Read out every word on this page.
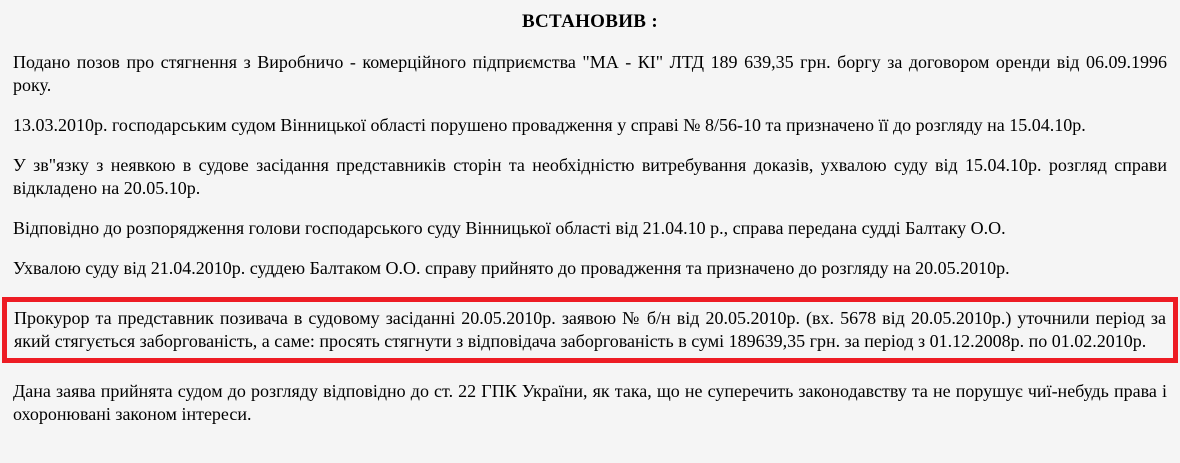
ВСТАНОВИВ :

Подано позов про стягнення з Виробничо - комерційного підприємства "МА - КІ" ЛТД 189 639,35 грн. боргу за договором оренди від 06.09.1996 року.

13.03.2010р. господарським судом Вінницької області порушено провадження у справі № 8/56-10 та призначено її до розгляду на 15.04.10р.

У зв"язку з неявкою в судове засідання представників сторін та необхідністю витребування доказів, ухвалою суду від 15.04.10р. розгляд справи відкладено на 20.05.10р.

Відповідно до розпорядження голови господарського суду Вінницької області від 21.04.10 р., справа передана судді Балтаку О.О.

Ухвалою суду від 21.04.2010р. суддею Балтаком О.О. справу прийнято до провадження та призначено до розгляду на 20.05.2010р.

Прокурор та представник позивача в судовому засіданні 20.05.2010р. заявою № б/н від 20.05.2010р. (вх. 5678 від 20.05.2010р.) уточнили період за який стягується заборгованість, а саме: просять стягнути з відповідача заборгованість в сумі 189639,35 грн. за період з 01.12.2008р. по 01.02.2010р.

Дана заява прийнята судом до розгляду відповідно до ст. 22 ГПК України, як така, що не суперечить законодавству та не порушує чиї-небудь права і охоронювані законом інтереси.
